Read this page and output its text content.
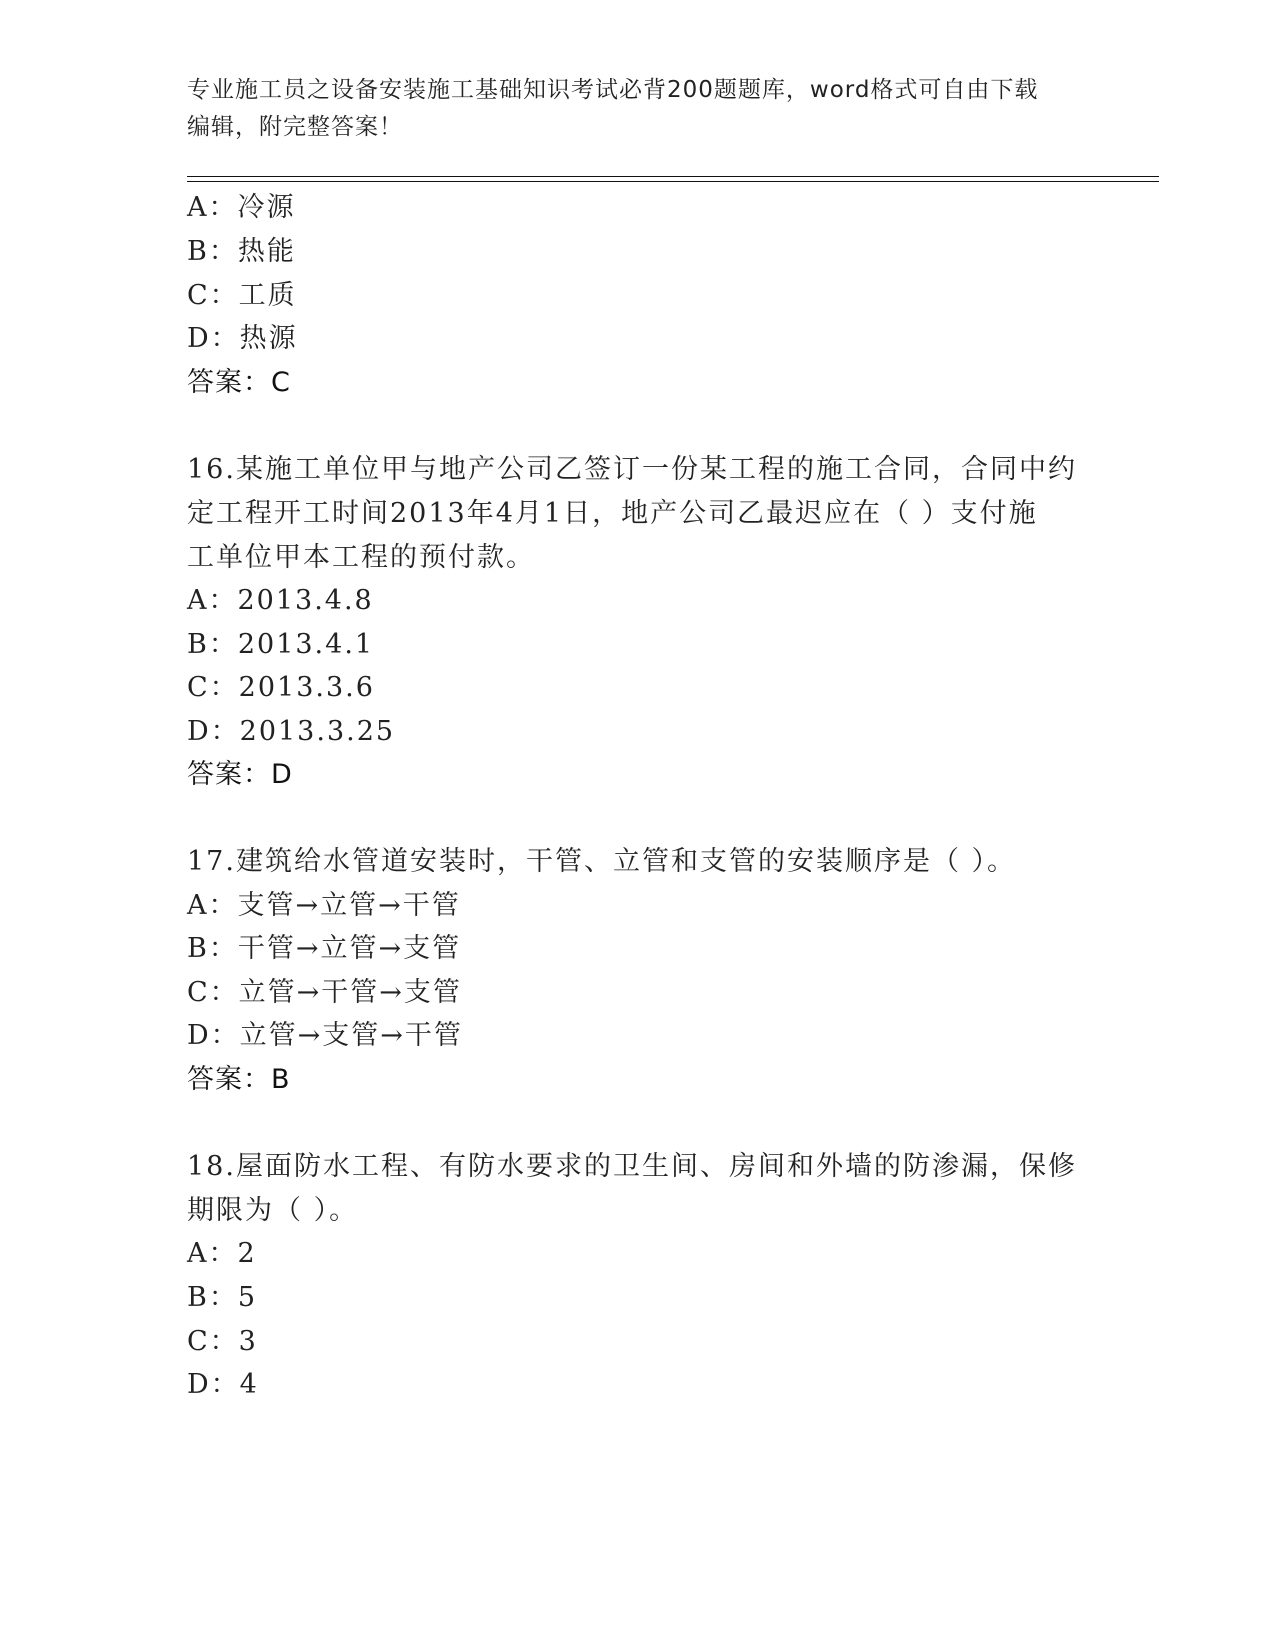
专业施工员之设备安装施工基础知识考试必背200题题库，word格式可自由下载
编辑，附完整答案！
A：冷源
B：热能
C：工质
D：热源
答案：C
16.某施工单位甲与地产公司乙签订一份某工程的施工合同，合同中约
定工程开工时间2013年4月1日，地产公司乙最迟应在（ ）支付施
工单位甲本工程的预付款。
A：2013.4.8
B：2013.4.1
C：2013.3.6
D：2013.3.25
答案：D
17.建筑给水管道安装时，干管、立管和支管的安装顺序是（ ）。
A：支管→立管→干管
B：干管→立管→支管
C：立管→干管→支管
D：立管→支管→干管
答案：B
18.屋面防水工程、有防水要求的卫生间、房间和外墙的防渗漏，保修
期限为（ ）。
A：2
B：5
C：3
D：4
